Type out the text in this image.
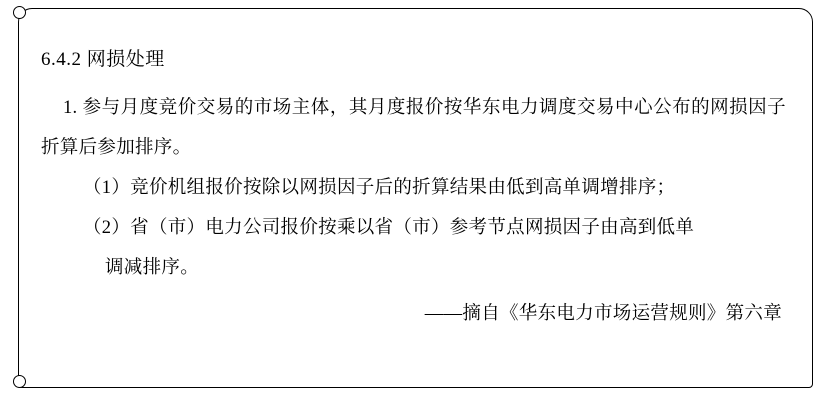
6.4.2 网损处理

1. 参与月度竞价交易的市场主体，其月度报价按华东电力调度交易中心公布的网损因子折算后参加排序。

（1）竞价机组报价按除以网损因子后的折算结果由低到高单调增排序；
（2）省（市）电力公司报价按乘以省（市）参考节点网损因子由高到低单
调减排序。

——摘自《华东电力市场运营规则》第六章
